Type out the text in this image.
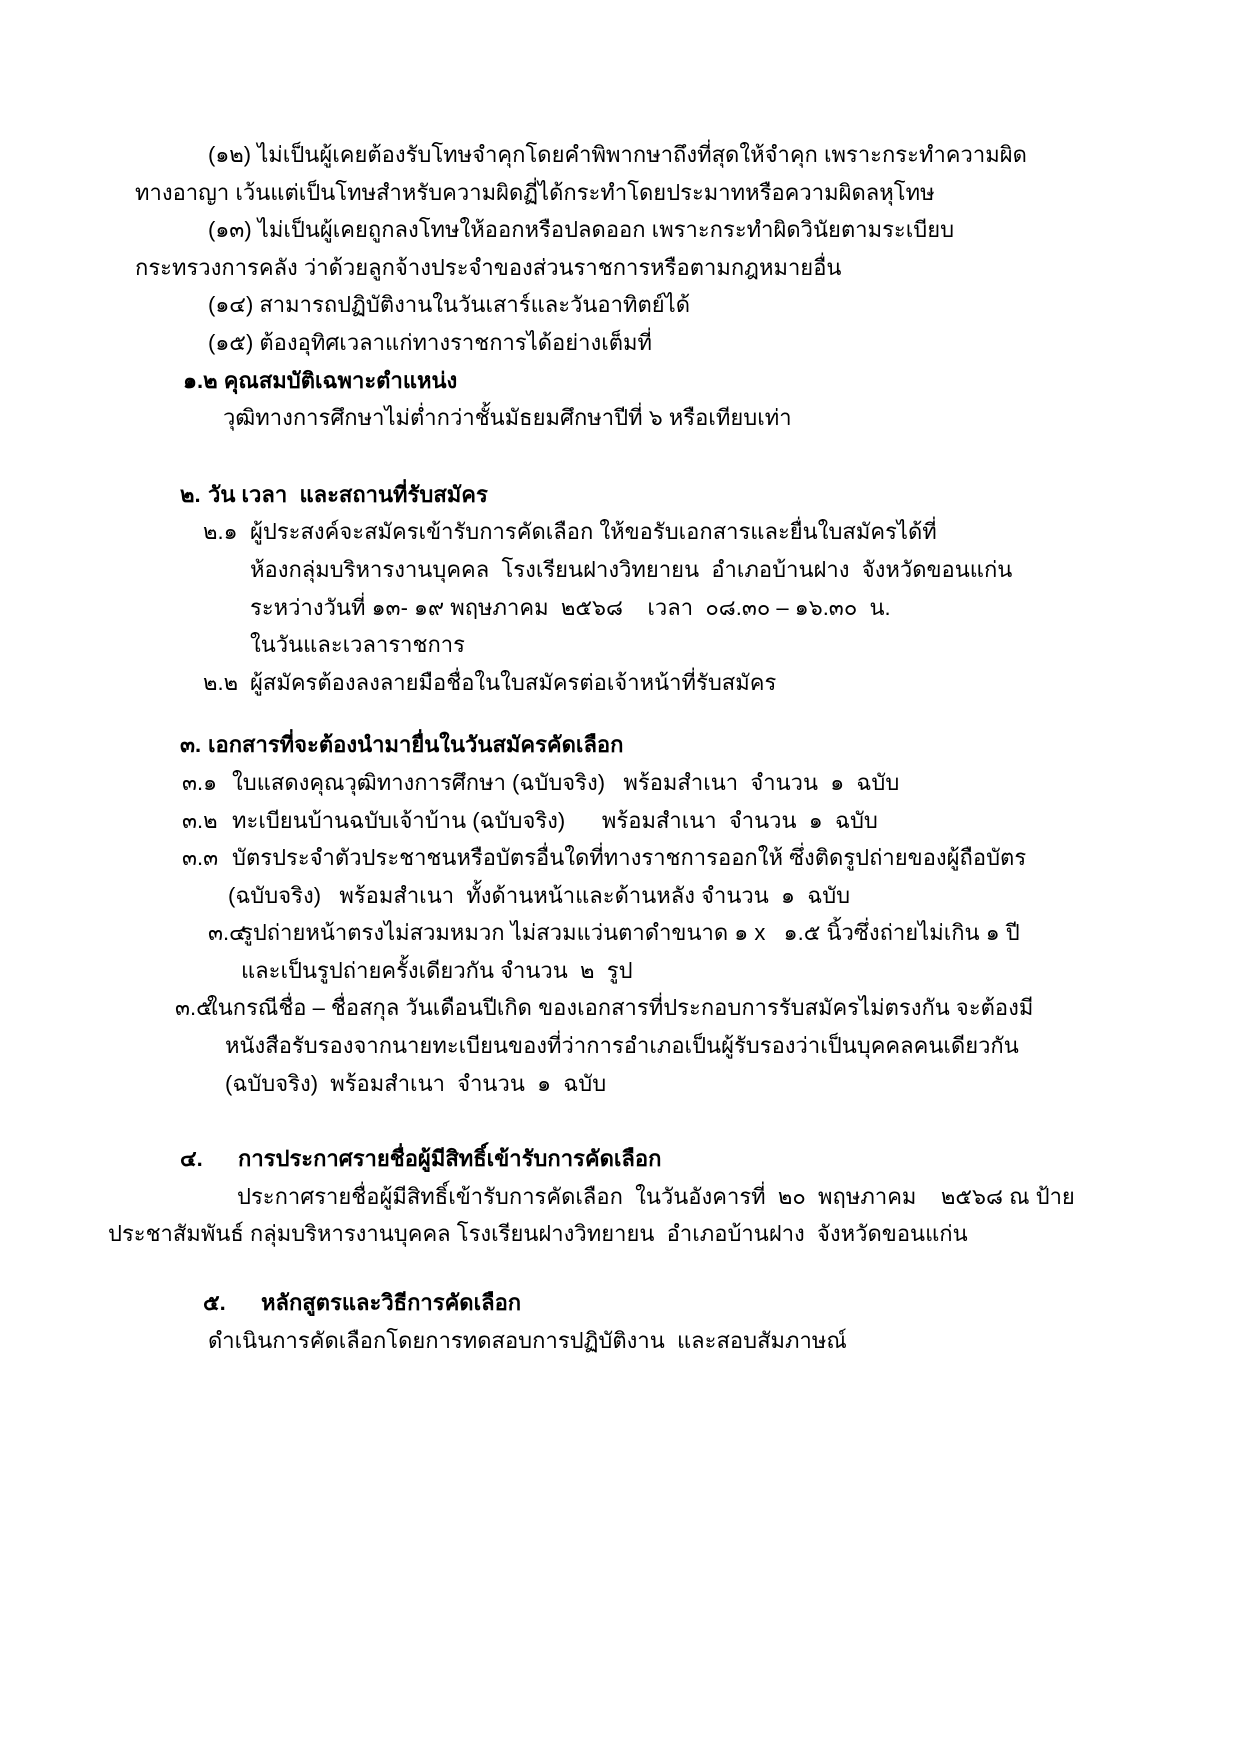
(๑๒) ไม่เป็นผู้เคยต้องรับโทษจำคุกโดยคำพิพากษาถึงที่สุดให้จำคุก เพราะกระทำความผิด
ทางอาญา เว้นแต่เป็นโทษสำหรับความผิดฏี่ได้กระทำโดยประมาทหรือความผิดลหุโทษ
(๑๓) ไม่เป็นผู้เคยถูกลงโทษให้ออกหรือปลดออก เพราะกระทำผิดวินัยตามระเบียบ
กระทรวงการคลัง ว่าด้วยลูกจ้างประจำของส่วนราชการหรือตามกฎหมายอื่น
(๑๔) สามารถปฏิบัติงานในวันเสาร์และวันอาทิตย์ได้
(๑๕) ต้องอุทิศเวลาแก่ทางราชการได้อย่างเต็มที่
๑.๒ คุณสมบัติเฉพาะตำแหน่ง
วุฒิทางการศึกษาไม่ต่ำกว่าชั้นมัธยมศึกษาปีที่ ๖ หรือเทียบเท่า
๒. วัน เวลา  และสถานที่รับสมัคร
๒.๑ ผู้ประสงค์จะสมัครเข้ารับการคัดเลือก ให้ขอรับเอกสารและยื่นใบสมัครได้ที่
ห้องกลุ่มบริหารงานบุคคล  โรงเรียนฝางวิทยายน  อำเภอบ้านฝาง  จังหวัดขอนแก่น
ระหว่างวันที่ ๑๓- ๑๙ พฤษภาคม  ๒๕๖๘    เวลา  ๐๘.๓๐ – ๑๖.๓๐  น.
ในวันและเวลาราชการ
๒.๒ ผู้สมัครต้องลงลายมือชื่อในใบสมัครต่อเจ้าหน้าที่รับสมัคร
๓. เอกสารที่จะต้องนำมายื่นในวันสมัครคัดเลือก
๓.๑ ใบแสดงคุณวุฒิทางการศึกษา (ฉบับจริง)   พร้อมสำเนา  จำนวน  ๑  ฉบับ
๓.๒ ทะเบียนบ้านฉบับเจ้าบ้าน (ฉบับจริง)      พร้อมสำเนา  จำนวน  ๑  ฉบับ
๓.๓ บัตรประจำตัวประชาชนหรือบัตรอื่นใดที่ทางราชการออกให้ ซึ่งติดรูปถ่ายของผู้ถือบัตร
(ฉบับจริง)   พร้อมสำเนา  ทั้งด้านหน้าและด้านหลัง จำนวน  ๑  ฉบับ
๓.๔รูปถ่ายหน้าตรงไม่สวมหมวก ไม่สวมแว่นตาดำขนาด ๑ x   ๑.๕ นิ้วซึ่งถ่ายไม่เกิน ๑ ปี
และเป็นรูปถ่ายครั้งเดียวกัน จำนวน  ๒  รูป
๓.๕ในกรณีชื่อ – ชื่อสกุล วันเดือนปีเกิด ของเอกสารที่ประกอบการรับสมัครไม่ตรงกัน จะต้องมี
หนังสือรับรองจากนายทะเบียนของที่ว่าการอำเภอเป็นผู้รับรองว่าเป็นบุคคลคนเดียวกัน
(ฉบับจริง)  พร้อมสำเนา  จำนวน  ๑  ฉบับ
๔. การประกาศรายชื่อผู้มีสิทธิ์เข้ารับการคัดเลือก
ประกาศรายชื่อผู้มีสิทธิ์เข้ารับการคัดเลือก  ในวันอังคารที่  ๒๐  พฤษภาคม    ๒๕๖๘ ณ ป้าย
ประชาสัมพันธ์ กลุ่มบริหารงานบุคคล โรงเรียนฝางวิทยายน  อำเภอบ้านฝาง  จังหวัดขอนแก่น
๕. หลักสูตรและวิธีการคัดเลือก
ดำเนินการคัดเลือกโดยการทดสอบการปฏิบัติงาน  และสอบสัมภาษณ์
